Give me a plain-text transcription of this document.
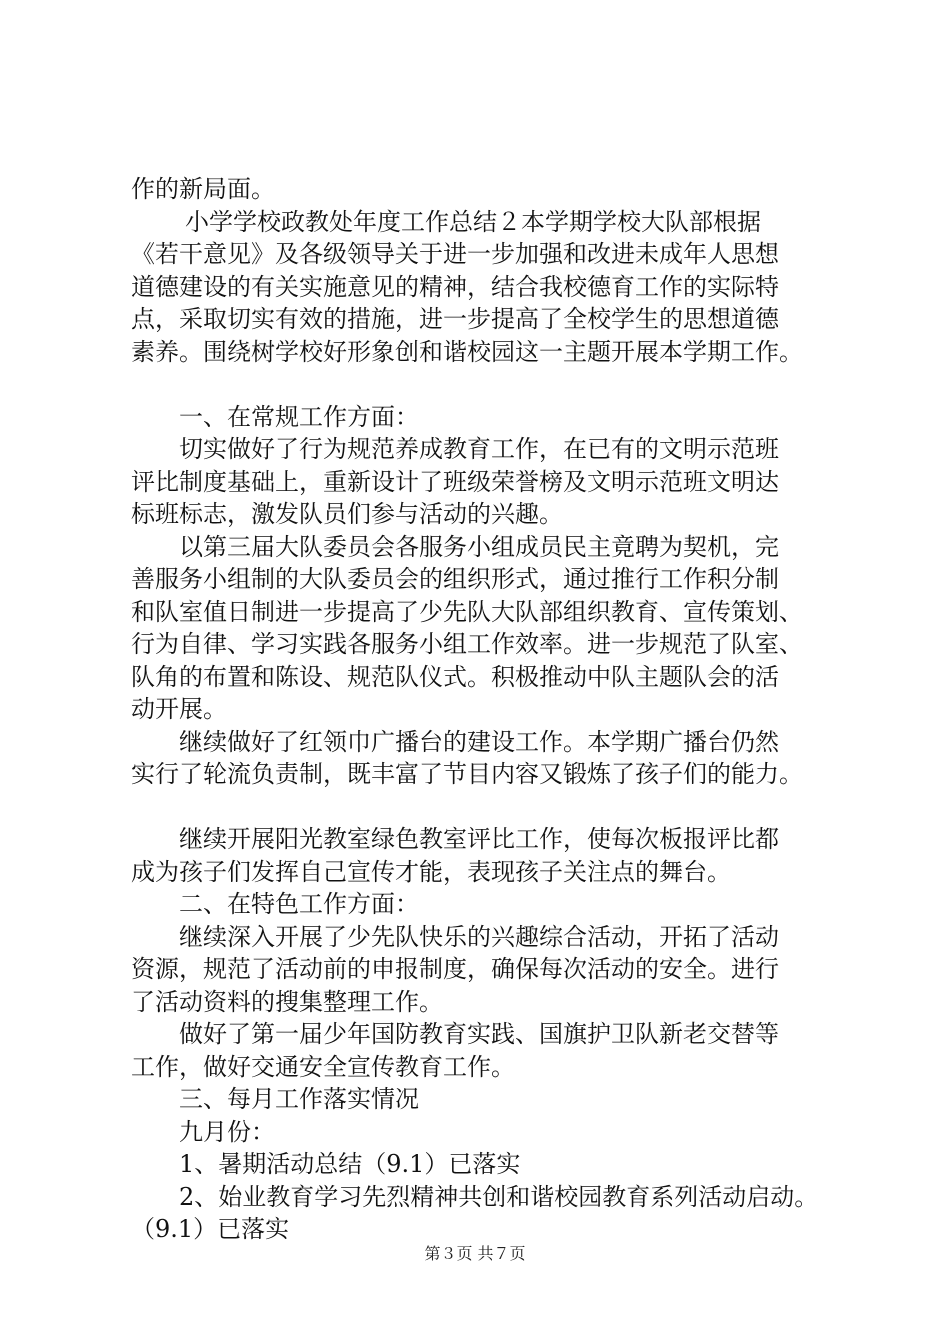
作的新局面。
小学学校政教处年度工作总结２本学期学校大队部根据
《若干意见》及各级领导关于进一步加强和改进未成年人思想
道德建设的有关实施意见的精神，结合我校德育工作的实际特
点，采取切实有效的措施，进一步提高了全校学生的思想道德
素养。围绕树学校好形象创和谐校园这一主题开展本学期工作。
一、在常规工作方面：
切实做好了行为规范养成教育工作，在已有的文明示范班
评比制度基础上，重新设计了班级荣誉榜及文明示范班文明达
标班标志，激发队员们参与活动的兴趣。
以第三届大队委员会各服务小组成员民主竟聘为契机，完
善服务小组制的大队委员会的组织形式，通过推行工作积分制
和队室值日制进一步提高了少先队大队部组织教育、宣传策划、
行为自律、学习实践各服务小组工作效率。进一步规范了队室、
队角的布置和陈设、规范队仪式。积极推动中队主题队会的活
动开展。
继续做好了红领巾广播台的建设工作。本学期广播台仍然
实行了轮流负责制，既丰富了节目内容又锻炼了孩子们的能力。
继续开展阳光教室绿色教室评比工作，使每次板报评比都
成为孩子们发挥自己宣传才能，表现孩子关注点的舞台。
二、在特色工作方面：
继续深入开展了少先队快乐的兴趣综合活动，开拓了活动
资源，规范了活动前的申报制度，确保每次活动的安全。进行
了活动资料的搜集整理工作。
做好了第一届少年国防教育实践、国旗护卫队新老交替等
工作，做好交通安全宣传教育工作。
三、每月工作落实情况
九月份：
1、暑期活动总结（9.1）已落实
2、始业教育学习先烈精神共创和谐校园教育系列活动启动。
（9.1）已落实
第３页 共７页
